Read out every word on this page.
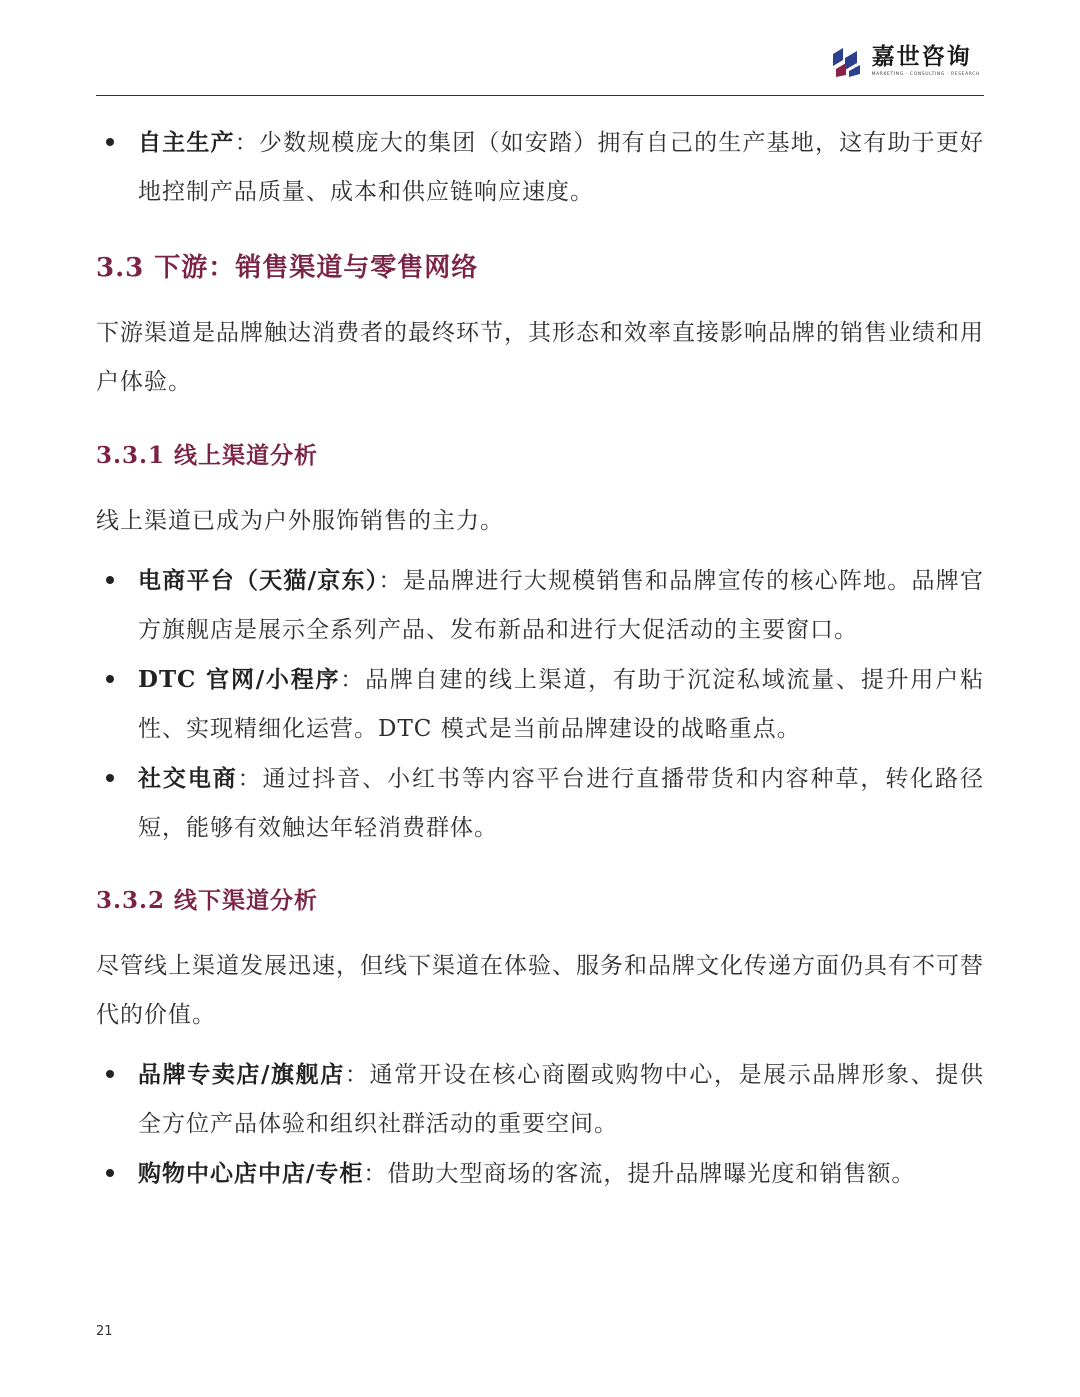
嘉世咨询
MARKETING · CONSULTING · RESEARCH
自主生产：少数规模庞大的集团（如安踏）拥有自己的生产基地，这有助于更好地控制产品质量、成本和供应链响应速度。
3.3 下游：销售渠道与零售网络
下游渠道是品牌触达消费者的最终环节，其形态和效率直接影响品牌的销售业绩和用户体验。
3.3.1 线上渠道分析
线上渠道已成为户外服饰销售的主力。
电商平台（天猫/京东）：是品牌进行大规模销售和品牌宣传的核心阵地。品牌官方旗舰店是展示全系列产品、发布新品和进行大促活动的主要窗口。
DTC 官网/小程序：品牌自建的线上渠道，有助于沉淀私域流量、提升用户粘性、实现精细化运营。DTC 模式是当前品牌建设的战略重点。
社交电商：通过抖音、小红书等内容平台进行直播带货和内容种草，转化路径短，能够有效触达年轻消费群体。
3.3.2 线下渠道分析
尽管线上渠道发展迅速，但线下渠道在体验、服务和品牌文化传递方面仍具有不可替代的价值。
品牌专卖店/旗舰店：通常开设在核心商圈或购物中心，是展示品牌形象、提供全方位产品体验和组织社群活动的重要空间。
购物中心店中店/专柜：借助大型商场的客流，提升品牌曝光度和销售额。
21
